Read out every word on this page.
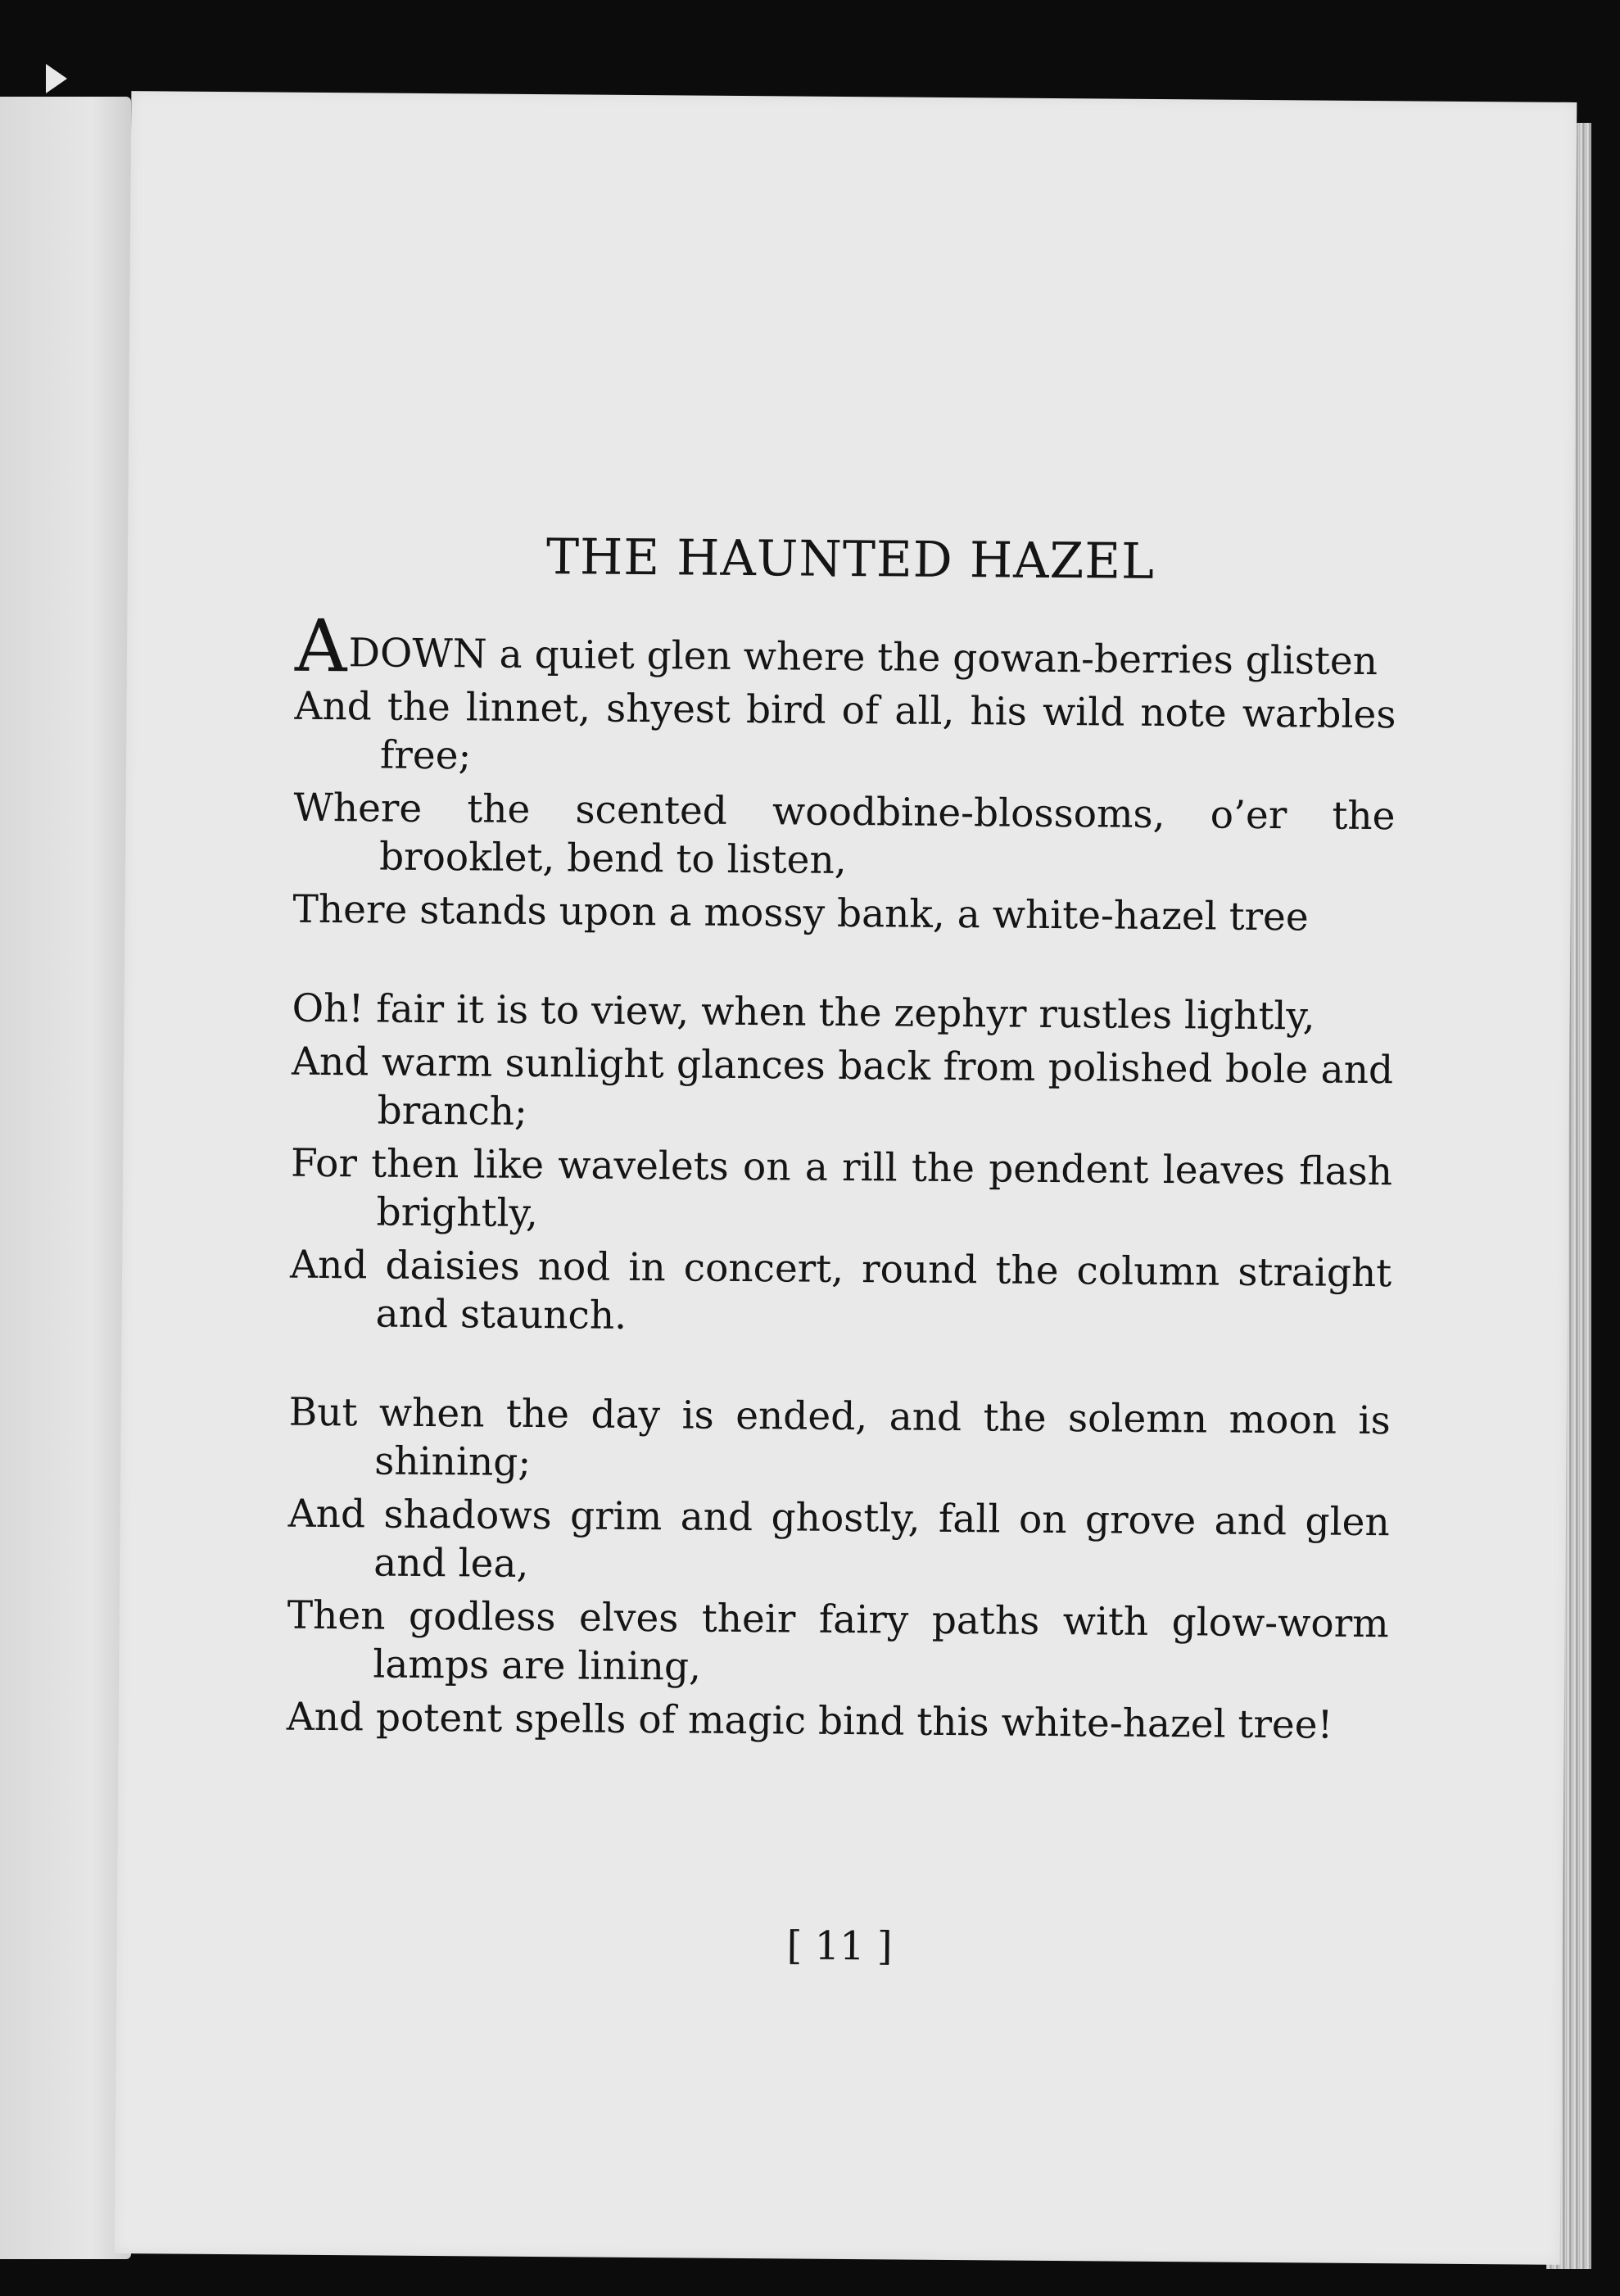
THE HAUNTED HAZEL
ADOWN a quiet glen where the gowan-berries glisten
And the linnet, shyest bird of all, his wild note warbles free;
Where the scented woodbine-blossoms, o’er the brooklet, bend to listen,
There stands upon a mossy bank, a white-hazel tree
Oh! fair it is to view, when the zephyr rustles lightly,
And warm sunlight glances back from polished bole and branch;
For then like wavelets on a rill the pendent leaves flash brightly,
And daisies nod in concert, round the column straight and staunch.
But when the day is ended, and the solemn moon is shining;
And shadows grim and ghostly, fall on grove and glen and lea,
Then godless elves their fairy paths with glow-worm lamps are lining,
And potent spells of magic bind this white-hazel tree!
[ 11 ]
